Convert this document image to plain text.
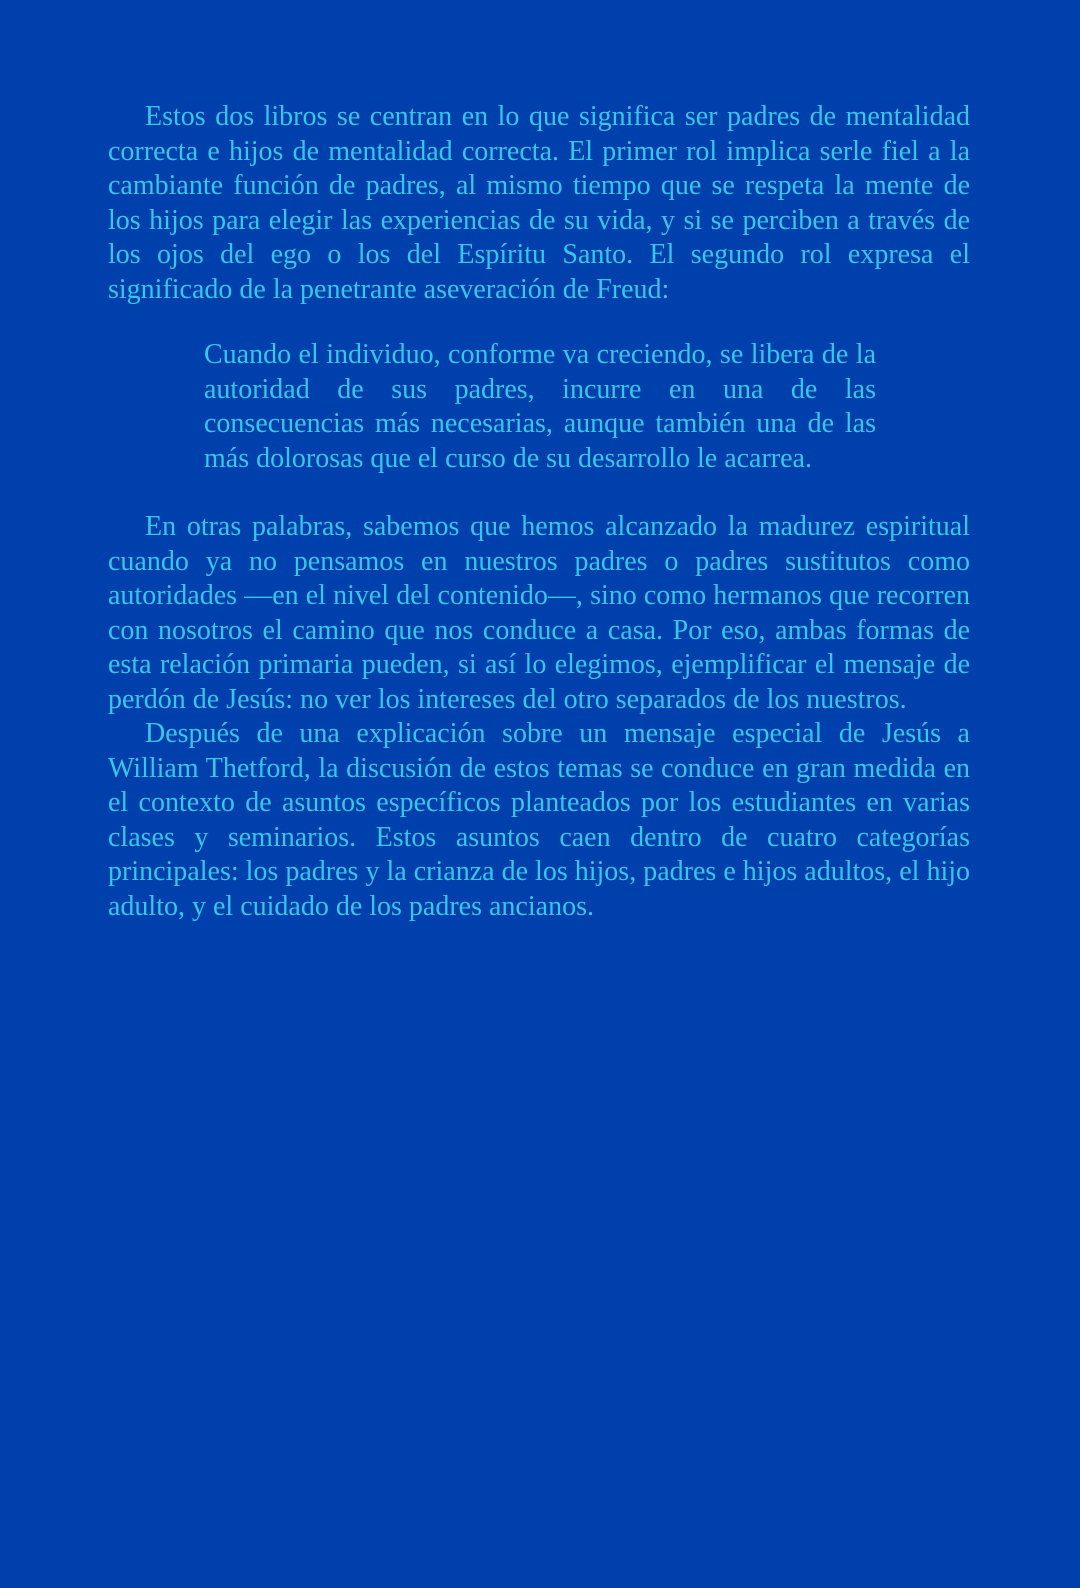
Estos dos libros se centran en lo que significa ser padres de mentalidad correcta e hijos de mentalidad correcta. El primer rol implica serle fiel a la cambiante función de padres, al mismo tiempo que se respeta la mente de los hijos para elegir las experiencias de su vida, y si se perciben a través de los ojos del ego o los del Espíritu Santo. El segundo rol expresa el significado de la penetrante aseveración de Freud:

Cuando el individuo, conforme va creciendo, se libera de la autoridad de sus padres, incurre en una de las consecuencias más necesarias, aunque también una de las más dolorosas que el curso de su desarrollo le acarrea.

En otras palabras, sabemos que hemos alcanzado la madurez espiritual cuando ya no pensamos en nuestros padres o padres sustitutos como autoridades —en el nivel del contenido—, sino como hermanos que recorren con nosotros el camino que nos conduce a casa. Por eso, ambas formas de esta relación primaria pueden, si así lo elegimos, ejemplificar el mensaje de perdón de Jesús: no ver los intereses del otro separados de los nuestros.

Después de una explicación sobre un mensaje especial de Jesús a William Thetford, la discusión de estos temas se conduce en gran medida en el contexto de asuntos específicos planteados por los estudiantes en varias clases y seminarios. Estos asuntos caen dentro de cuatro categorías principales: los padres y la crianza de los hijos, padres e hijos adultos, el hijo adulto, y el cuidado de los padres ancianos.
